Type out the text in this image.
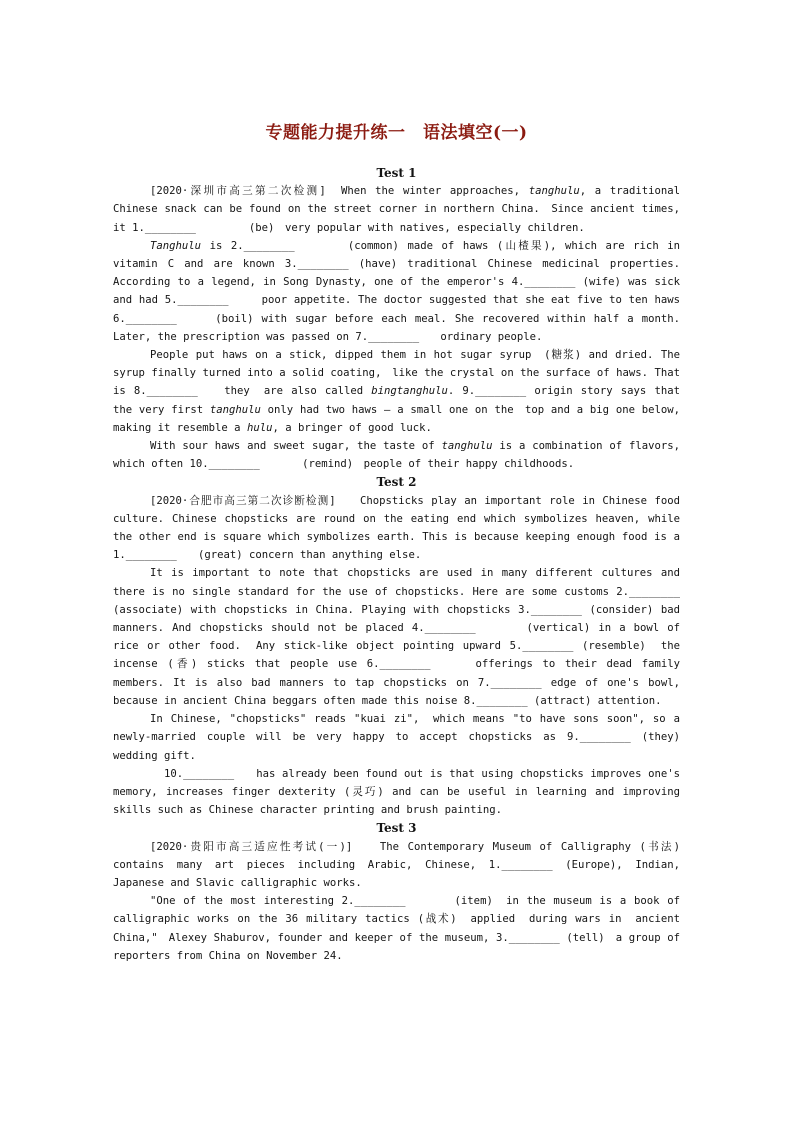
专题能力提升练一　语法填空(一)
Test 1

[2020·深圳市高三第二次检测]　When the winter approaches, tanghulu, a traditional Chinese snack can be found on the street corner in northern China.　Since ancient times,　it 1.________　　　　　(be)　very popular with natives, especially children.

Tanghulu is 2.________　　　　(common) made of haws (山楂果), which are rich in vitamin C and are known 3.________ (have) traditional Chinese medicinal properties. According to a legend, in Song Dynasty, one of the emperor's 4.________ (wife) was sick and had 5.________　　　poor appetite. The doctor suggested that she eat five to ten haws 6.________　　　(boil) with sugar before each meal. She recovered within half a month. Later, the prescription was passed on 7.________　　ordinary people.

People put haws on a stick, dipped them in hot sugar syrup　(糖浆) and dried. The syrup finally turned into a solid coating,　like the crystal on the surface of haws. That is 8.________　　they　are also called bingtanghulu. 9.________ origin story says that　the very first tanghulu only had two haws — a small one on the　top and a big one below, making it resemble a hulu, a bringer of good luck.

With sour haws and sweet sugar, the taste of tanghulu is a combination of flavors, which often 10.________　　　　(remind)　people of their happy childhoods.

Test 2

[2020·合肥市高三第二次诊断检测]　　Chopsticks play an important role in Chinese food culture. Chinese chopsticks are round on the eating end which symbolizes heaven, while the other end is square which symbolizes earth. This is because keeping enough food is a 1.________　　(great) concern than anything else.

It is important to note that chopsticks are used in many different cultures and there is no single standard for the use of chopsticks. Here are some customs 2.________ (associate) with chopsticks in China. Playing with chopsticks 3.________ (consider) bad manners. And chopsticks should not be placed 4.________　　　　(vertical) in a bowl of rice or other food.　Any stick-like object pointing upward 5.________ (resemble)　the incense (香) sticks that people use 6.________　　　offerings to their dead family members. It is also bad manners to tap chopsticks on 7.________ edge of one's bowl, because in ancient China beggars often made this noise 8.________ (attract) attention.

In Chinese, "chopsticks" reads "kuai zi",　which means "to have sons soon", so a newly-married couple will be very happy to accept chopsticks as 9.________ (they) wedding gift.

10.________　　has already been found out is that using chopsticks improves one's memory, increases finger dexterity (灵巧) and can be useful in learning and improving skills such as Chinese character printing and brush painting.

Test 3

[2020·贵阳市高三适应性考试(一)]　　The Contemporary Museum of Calligraphy (书法) contains many art pieces including Arabic, Chinese, 1.________ (Europe), Indian, Japanese and Slavic calligraphic works.

"One of the most interesting 2.________　　　　(item)　in the museum is a book of calligraphic works on the 36 military tactics (战术)　applied　during wars in　ancient　China,"　Alexey Shaburov, founder and keeper of the museum, 3.________ (tell)　a group of reporters from China on November 24.
